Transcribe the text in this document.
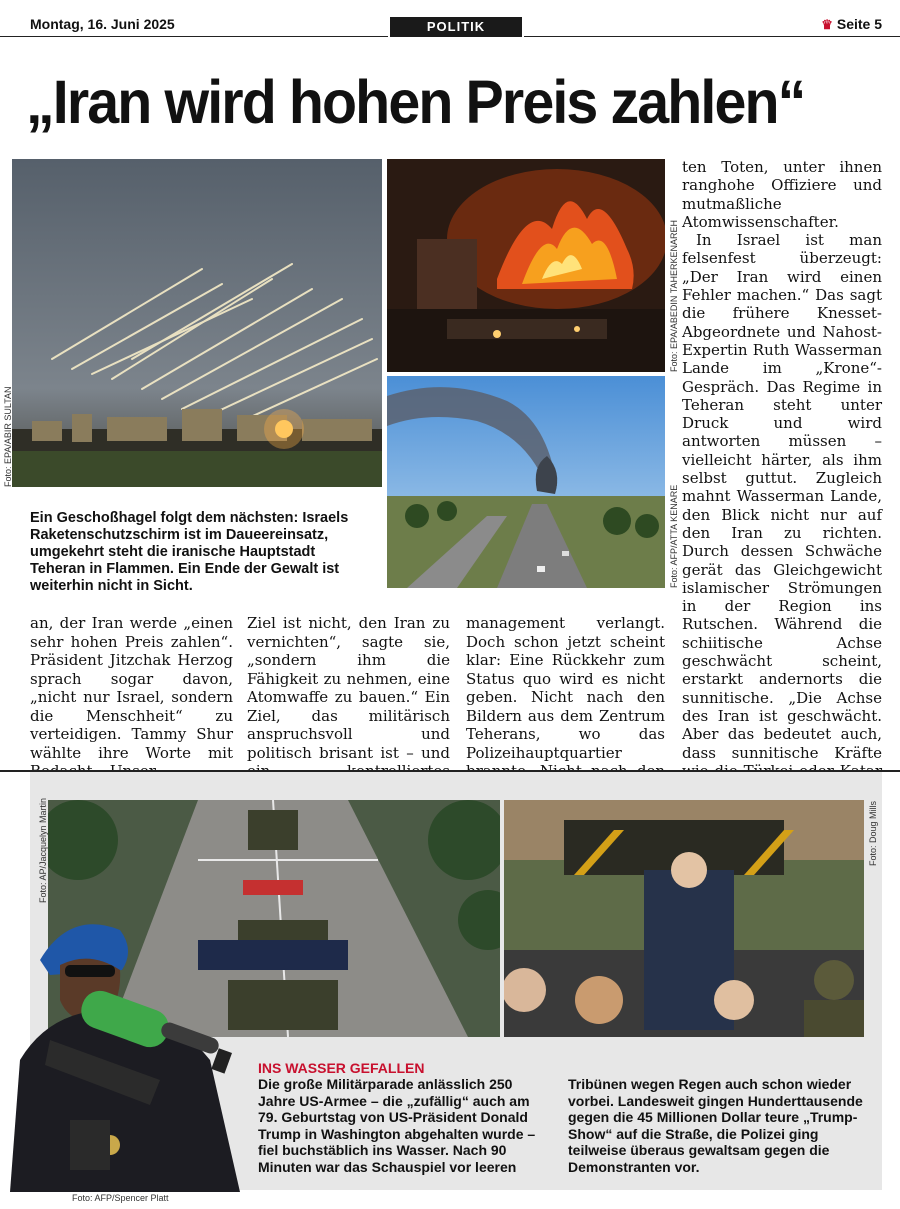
Montag, 16. Juni 2025	POLITIK	♛ Seite 5
„Iran wird hohen Preis zahlen“
Foto: EPA/ABIR SULTAN
Foto: EPA/ABEDIN TAHERKENAREH
Foto: AFP/ATTA KENARE
Ein Geschoßhagel folgt dem nächsten: Israels Raketenschutzschirm ist im Daueereinsatz, umgekehrt steht die iranische Hauptstadt Teheran in Flammen. Ein Ende der Gewalt ist weiterhin nicht in Sicht.

an, der Iran werde „einen sehr hohen Preis zahlen“. Präsident Jitzchak Herzog sprach sogar davon, „nicht nur Israel, sondern die Menschheit“ zu verteidigen. Tammy Shur wählte ihre Worte mit

Ziel ist nicht, den Iran zu vernichten“, sagte sie, „sondern ihm die Fähigkeit zu nehmen, eine Atomwaffe zu bauen.“ Ein Ziel, das militärisch anspruchsvoll und politisch brisant ist – und

management verlangt. Doch schon jetzt scheint klar: Eine Rückkehr zum Status quo wird es nicht geben. Nicht nach den Bildern aus dem Zentrum Teherans, wo das Polizeihauptquartier

ten Toten, unter ihnen ranghohe Offiziere und mutmaßliche Atomwissenschafter.

In Israel ist man felsenfest überzeugt: „Der Iran wird einen Fehler machen.“ Das sagt die frühere Knesset-Abgeordnete und Nahost-Expertin Ruth Wasserman Lande im „Krone“-Gespräch. Das Regime in Teheran steht unter Druck und wird antworten müssen – vielleicht härter, als ihm selbst guttut. Zugleich mahnt Wasserman Lande, den Blick nicht nur auf den Iran zu richten. Durch dessen Schwäche gerät das Gleichgewicht islamischer Strömungen in der Region ins Rutschen. Während die schiitische Achse geschwächt scheint, erstarkt andernorts die sunnitische. „Die Achse des Iran ist geschwächt. Aber das bedeutet auch, dass sunnitische Kräfte

Foto: AP/Jacquelyn Martin	Foto: Doug Mills
Foto: AFP/Spencer Platt
INS WASSER GEFALLEN
Die große Militärparade anlässlich 250 Jahre US-Armee – die „zufällig“ auch am 79. Geburtstag von US-Präsident Donald Trump in Washington abgehalten wurde – fiel buchstäblich ins Wasser. Nach 90 Minuten war das Schauspiel vor leeren
Tribünen wegen Regen auch schon wieder vorbei. Landesweit gingen Hunderttausende gegen die 45 Millionen Dollar teure „Trump-Show“ auf die Straße, die Polizei ging teilweise überaus gewaltsam gegen die Demonstranten vor.
